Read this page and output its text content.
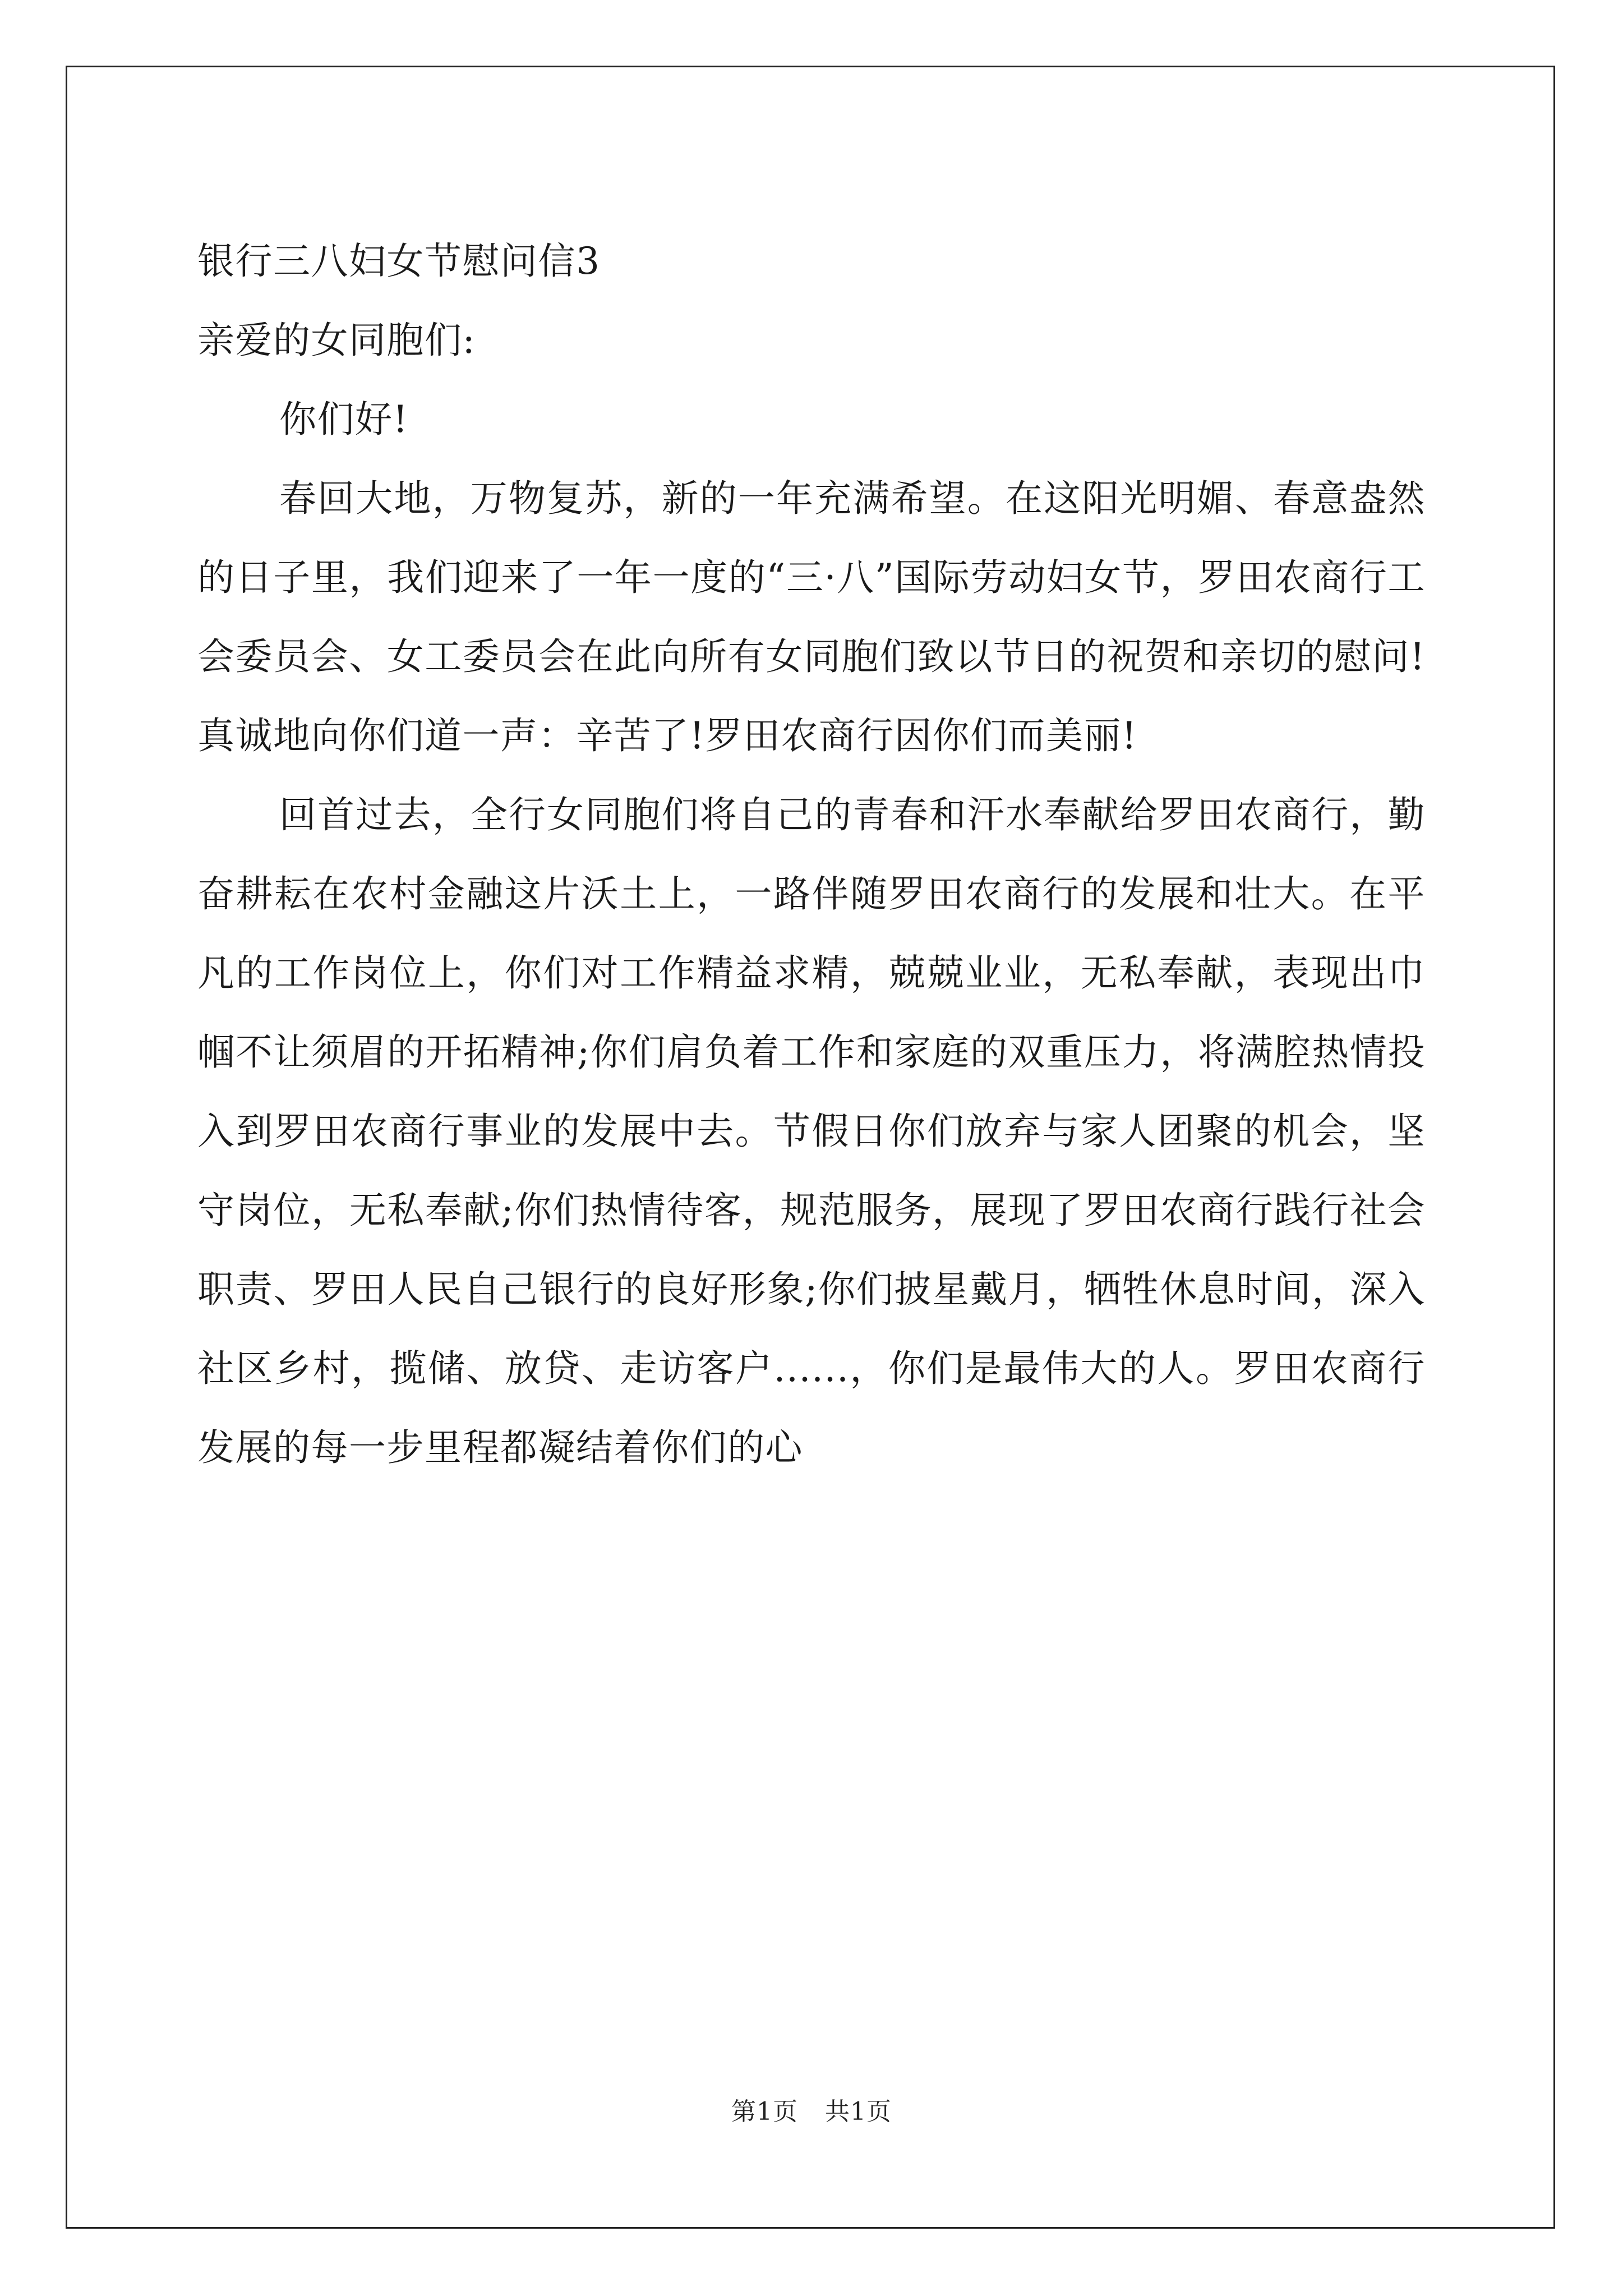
银行三八妇女节慰问信3

亲爱的女同胞们:

你们好!

春回大地，万物复苏，新的一年充满希望。在这阳光明媚、春意盎然的日子里，我们迎来了一年一度的“三·八”国际劳动妇女节，罗田农商行工会委员会、女工委员会在此向所有女同胞们致以节日的祝贺和亲切的慰问!真诚地向你们道一声：辛苦了!罗田农商行因你们而美丽!

回首过去，全行女同胞们将自己的青春和汗水奉献给罗田农商行，勤奋耕耘在农村金融这片沃土上，一路伴随罗田农商行的发展和壮大。在平凡的工作岗位上，你们对工作精益求精，兢兢业业，无私奉献，表现出巾帼不让须眉的开拓精神;你们肩负着工作和家庭的双重压力，将满腔热情投入到罗田农商行事业的发展中去。节假日你们放弃与家人团聚的机会，坚守岗位，无私奉献;你们热情待客，规范服务，展现了罗田农商行践行社会职责、罗田人民自己银行的良好形象;你们披星戴月，牺牲休息时间，深入社区乡村，揽储、放贷、走访客户......，你们是最伟大的人。罗田农商行发展的每一步里程都凝结着你们的心

第1页 共1页
